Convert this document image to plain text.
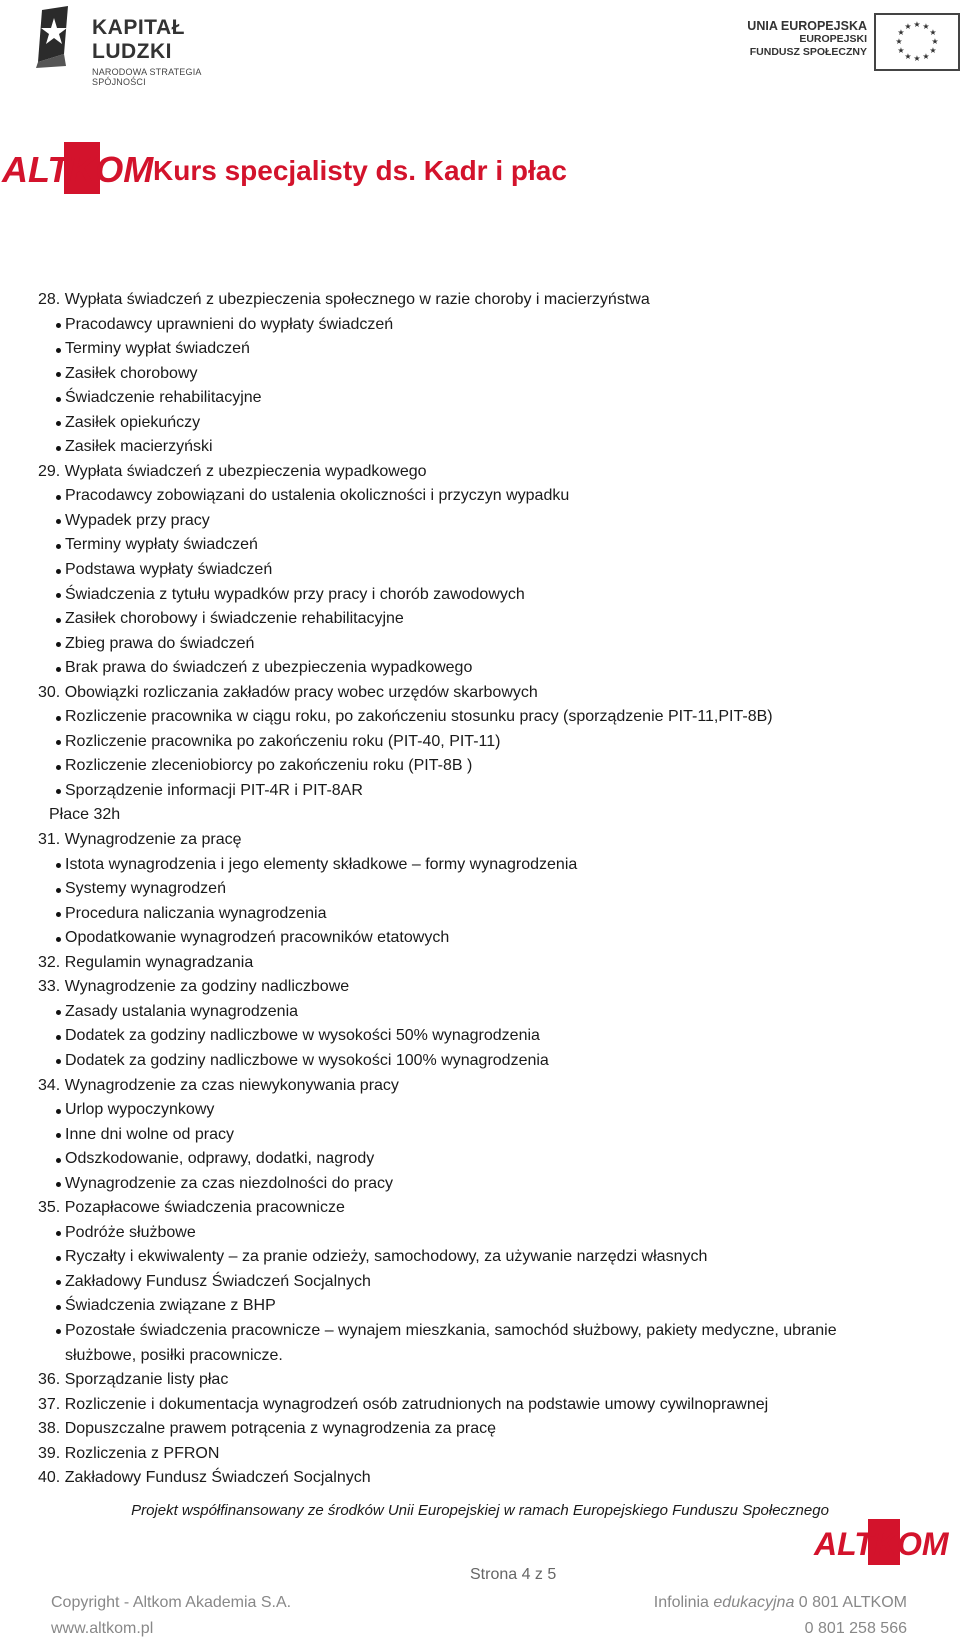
KAPITAŁ LUDZKI
NARODOWA STRATEGIA SPÓJNOŚCI
UNIA EUROPEJSKA
EUROPEJSKI
FUNDUSZ SPOŁECZNY
★ ★
★
★
★
★
★
★
★
★
★
★
ALTKOM Kurs specjalisty ds. Kadr i płac
28. Wypłata świadczeń z ubezpieczenia społecznego w razie choroby i macierzyństwa
Pracodawcy uprawnieni do wypłaty świadczeń
Terminy wypłat świadczeń
Zasiłek chorobowy
Świadczenie rehabilitacyjne
Zasiłek opiekuńczy
Zasiłek macierzyński
29. Wypłata świadczeń z ubezpieczenia wypadkowego
Pracodawcy zobowiązani do ustalenia okoliczności i przyczyn wypadku
Wypadek przy pracy
Terminy wypłaty świadczeń
Podstawa wypłaty świadczeń
Świadczenia z tytułu wypadków przy pracy i chorób zawodowych
Zasiłek chorobowy i świadczenie rehabilitacyjne
Zbieg prawa do świadczeń
Brak prawa do świadczeń z ubezpieczenia wypadkowego
30. Obowiązki rozliczania zakładów pracy wobec urzędów skarbowych
Rozliczenie pracownika w ciągu roku, po zakończeniu stosunku pracy (sporządzenie PIT-11,PIT-8B)
Rozliczenie pracownika po zakończeniu roku (PIT-40, PIT-11)
Rozliczenie zleceniobiorcy po zakończeniu roku (PIT-8B )
Sporządzenie informacji PIT-4R i PIT-8AR
Płace 32h
31. Wynagrodzenie za pracę
Istota wynagrodzenia i jego elementy składkowe – formy wynagrodzenia
Systemy wynagrodzeń
Procedura naliczania wynagrodzenia
Opodatkowanie wynagrodzeń pracowników etatowych
32. Regulamin wynagradzania
33. Wynagrodzenie za godziny nadliczbowe
Zasady ustalania wynagrodzenia
Dodatek za godziny nadliczbowe w wysokości 50% wynagrodzenia
Dodatek za godziny nadliczbowe w wysokości 100% wynagrodzenia
34. Wynagrodzenie za czas niewykonywania pracy
Urlop wypoczynkowy
Inne dni wolne od pracy
Odszkodowanie, odprawy, dodatki, nagrody
Wynagrodzenie za czas niezdolności do pracy
35. Pozapłacowe świadczenia pracownicze
Podróże służbowe
Ryczałty i ekwiwalenty – za pranie odzieży, samochodowy, za używanie narzędzi własnych
Zakładowy Fundusz Świadczeń Socjalnych
Świadczenia związane z BHP
Pozostałe świadczenia pracownicze – wynajem mieszkania, samochód służbowy, pakiety medyczne, ubranie
służbowe, posiłki pracownicze.
36. Sporządzanie listy płac
37. Rozliczenie i dokumentacja wynagrodzeń osób zatrudnionych na podstawie umowy cywilnoprawnej
38. Dopuszczalne prawem potrącenia z wynagrodzenia za pracę
39. Rozliczenia z PFRON
40. Zakładowy Fundusz Świadczeń Socjalnych
Projekt współfinansowany ze środków Unii Europejskiej w ramach Europejskiego Funduszu Społecznego
ALTKOM
Strona 4 z 5
Copyright - Altkom Akademia S.A.
www.altkom.pl
Infolinia edukacyjna 0 801 ALTKOM
0 801 258 566
